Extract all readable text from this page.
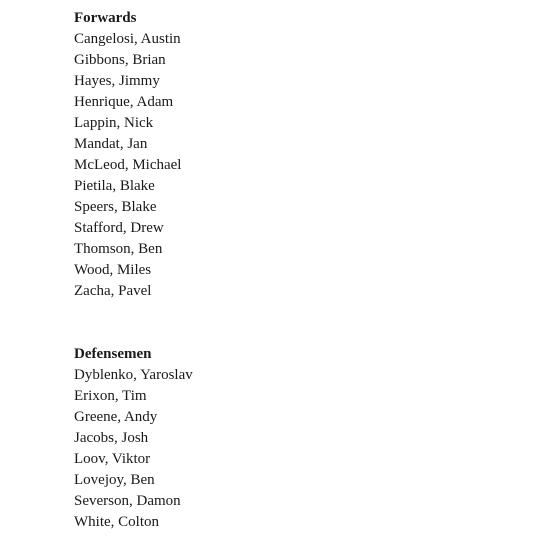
Forwards
Cangelosi, Austin
Gibbons, Brian
Hayes, Jimmy
Henrique, Adam
Lappin, Nick
Mandat, Jan
McLeod, Michael
Pietila, Blake
Speers, Blake
Stafford, Drew
Thomson, Ben
Wood, Miles
Zacha, Pavel
Defensemen
Dyblenko, Yaroslav
Erixon, Tim
Greene, Andy
Jacobs, Josh
Loov, Viktor
Lovejoy, Ben
Severson, Damon
White, Colton
